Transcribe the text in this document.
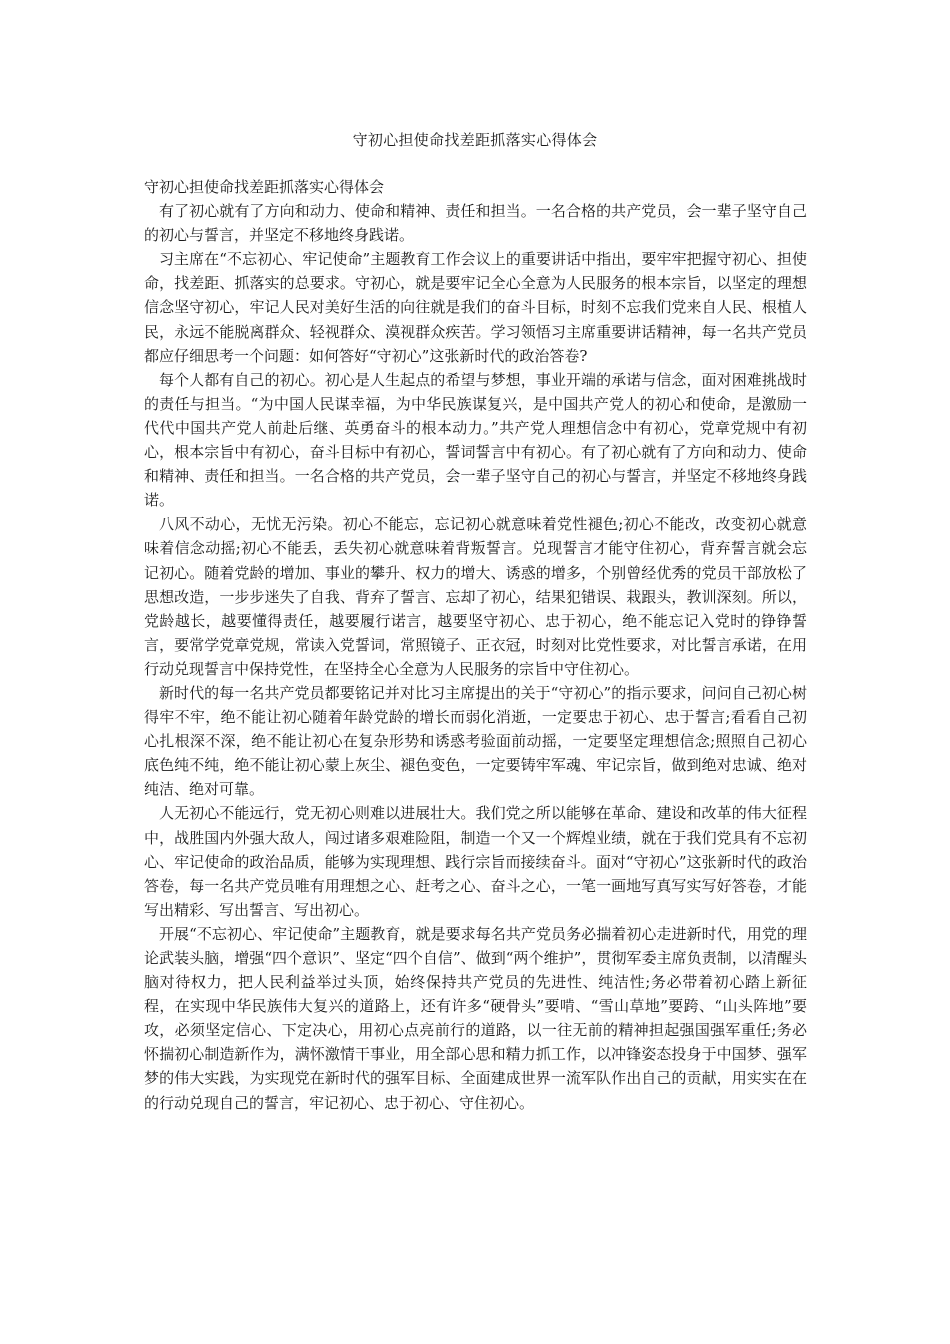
守初心担使命找差距抓落实心得体会

守初心担使命找差距抓落实心得体会

有了初心就有了方向和动力、使命和精神、责任和担当。一名合格的共产党员，会一辈子坚守自己的初心与誓言，并坚定不移地终身践诺。

习主席在“不忘初心、牢记使命”主题教育工作会议上的重要讲话中指出，要牢牢把握守初心、担使命，找差距、抓落实的总要求。守初心，就是要牢记全心全意为人民服务的根本宗旨，以坚定的理想信念坚守初心，牢记人民对美好生活的向往就是我们的奋斗目标，时刻不忘我们党来自人民、根植人民，永远不能脱离群众、轻视群众、漠视群众疾苦。学习领悟习主席重要讲话精神，每一名共产党员都应仔细思考一个问题：如何答好“守初心”这张新时代的政治答卷?

每个人都有自己的初心。初心是人生起点的希望与梦想，事业开端的承诺与信念，面对困难挑战时的责任与担当。“为中国人民谋幸福，为中华民族谋复兴，是中国共产党人的初心和使命，是激励一代代中国共产党人前赴后继、英勇奋斗的根本动力。”共产党人理想信念中有初心，党章党规中有初心，根本宗旨中有初心，奋斗目标中有初心，誓词誓言中有初心。有了初心就有了方向和动力、使命和精神、责任和担当。一名合格的共产党员，会一辈子坚守自己的初心与誓言，并坚定不移地终身践诺。

八风不动心，无忧无污染。初心不能忘，忘记初心就意味着党性褪色;初心不能改，改变初心就意味着信念动摇;初心不能丢，丢失初心就意味着背叛誓言。兑现誓言才能守住初心，背弃誓言就会忘记初心。随着党龄的增加、事业的攀升、权力的增大、诱惑的增多，个别曾经优秀的党员干部放松了思想改造，一步步迷失了自我、背弃了誓言、忘却了初心，结果犯错误、栽跟头，教训深刻。所以，党龄越长，越要懂得责任，越要履行诺言，越要坚守初心、忠于初心，绝不能忘记入党时的铮铮誓言，要常学党章党规，常读入党誓词，常照镜子、正衣冠，时刻对比党性要求，对比誓言承诺，在用行动兑现誓言中保持党性，在坚持全心全意为人民服务的宗旨中守住初心。

新时代的每一名共产党员都要铭记并对比习主席提出的关于“守初心”的指示要求，问问自己初心树得牢不牢，绝不能让初心随着年龄党龄的增长而弱化消逝，一定要忠于初心、忠于誓言;看看自己初心扎根深不深，绝不能让初心在复杂形势和诱惑考验面前动摇，一定要坚定理想信念;照照自己初心底色纯不纯，绝不能让初心蒙上灰尘、褪色变色，一定要铸牢军魂、牢记宗旨，做到绝对忠诚、绝对纯洁、绝对可靠。

人无初心不能远行，党无初心则难以进展壮大。我们党之所以能够在革命、建设和改革的伟大征程中，战胜国内外强大敌人，闯过诸多艰难险阻，制造一个又一个辉煌业绩，就在于我们党具有不忘初心、牢记使命的政治品质，能够为实现理想、践行宗旨而接续奋斗。面对“守初心”这张新时代的政治答卷，每一名共产党员唯有用理想之心、赶考之心、奋斗之心，一笔一画地写真写实写好答卷，才能写出精彩、写出誓言、写出初心。

开展“不忘初心、牢记使命”主题教育，就是要求每名共产党员务必揣着初心走进新时代，用党的理论武装头脑，增强“四个意识”、坚定“四个自信”、做到“两个维护”，贯彻军委主席负责制，以清醒头脑对待权力，把人民利益举过头顶，始终保持共产党员的先进性、纯洁性;务必带着初心踏上新征程，在实现中华民族伟大复兴的道路上，还有许多“硬骨头”要啃、“雪山草地”要跨、“山头阵地”要攻，必须坚定信心、下定决心，用初心点亮前行的道路，以一往无前的精神担起强国强军重任;务必怀揣初心制造新作为，满怀激情干事业，用全部心思和精力抓工作，以冲锋姿态投身于中国梦、强军梦的伟大实践，为实现党在新时代的强军目标、全面建成世界一流军队作出自己的贡献，用实实在在的行动兑现自己的誓言，牢记初心、忠于初心、守住初心。
